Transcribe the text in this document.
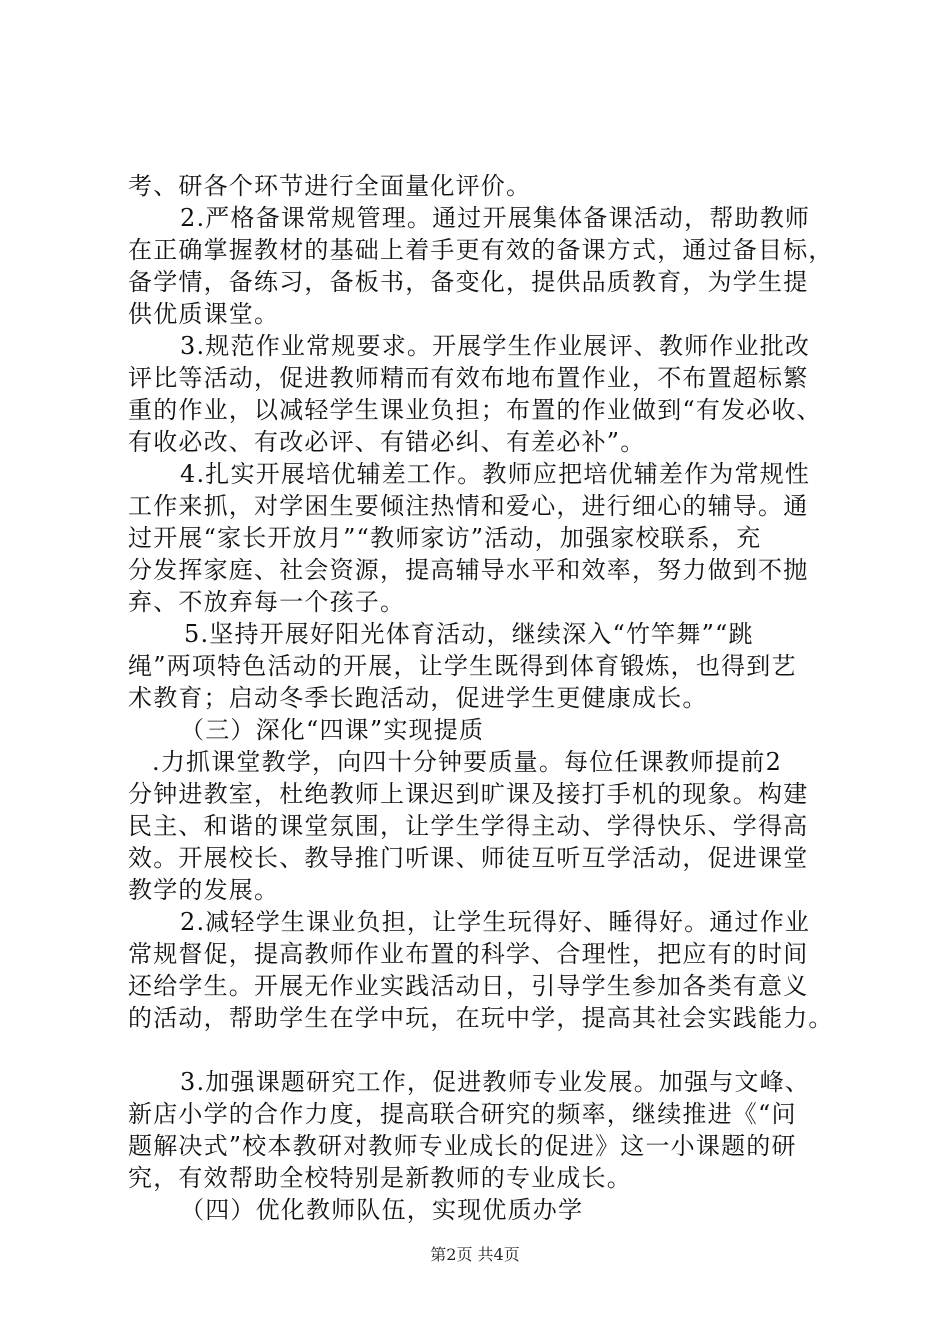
考、研各个环节进行全面量化评价。
2.严格备课常规管理。通过开展集体备课活动，帮助教师
在正确掌握教材的基础上着手更有效的备课方式，通过备目标，
备学情，备练习，备板书，备变化，提供品质教育，为学生提
供优质课堂。
3.规范作业常规要求。开展学生作业展评、教师作业批改
评比等活动，促进教师精而有效布地布置作业，不布置超标繁
重的作业，以减轻学生课业负担；布置的作业做到“有发必收、
有收必改、有改必评、有错必纠、有差必补”。
4.扎实开展培优辅差工作。教师应把培优辅差作为常规性
工作来抓，对学困生要倾注热情和爱心，进行细心的辅导。通
过开展“家长开放月”“教师家访”活动，加强家校联系，充
分发挥家庭、社会资源，提高辅导水平和效率，努力做到不抛
弃、不放弃每一个孩子。
5.坚持开展好阳光体育活动，继续深入“竹竿舞”“跳
绳”两项特色活动的开展，让学生既得到体育锻炼，也得到艺
术教育；启动冬季长跑活动，促进学生更健康成长。
（三）深化“四课”实现提质
.力抓课堂教学，向四十分钟要质量。每位任课教师提前2
分钟进教室，杜绝教师上课迟到旷课及接打手机的现象。构建
民主、和谐的课堂氛围，让学生学得主动、学得快乐、学得高
效。开展校长、教导推门听课、师徒互听互学活动，促进课堂
教学的发展。
2.减轻学生课业负担，让学生玩得好、睡得好。通过作业
常规督促，提高教师作业布置的科学、合理性，把应有的时间
还给学生。开展无作业实践活动日，引导学生参加各类有意义
的活动，帮助学生在学中玩，在玩中学，提高其社会实践能力。
3.加强课题研究工作，促进教师专业发展。加强与文峰、
新店小学的合作力度，提高联合研究的频率，继续推进《“问
题解决式”校本教研对教师专业成长的促进》这一小课题的研
究，有效帮助全校特别是新教师的专业成长。
（四）优化教师队伍，实现优质办学
第2页 共4页
